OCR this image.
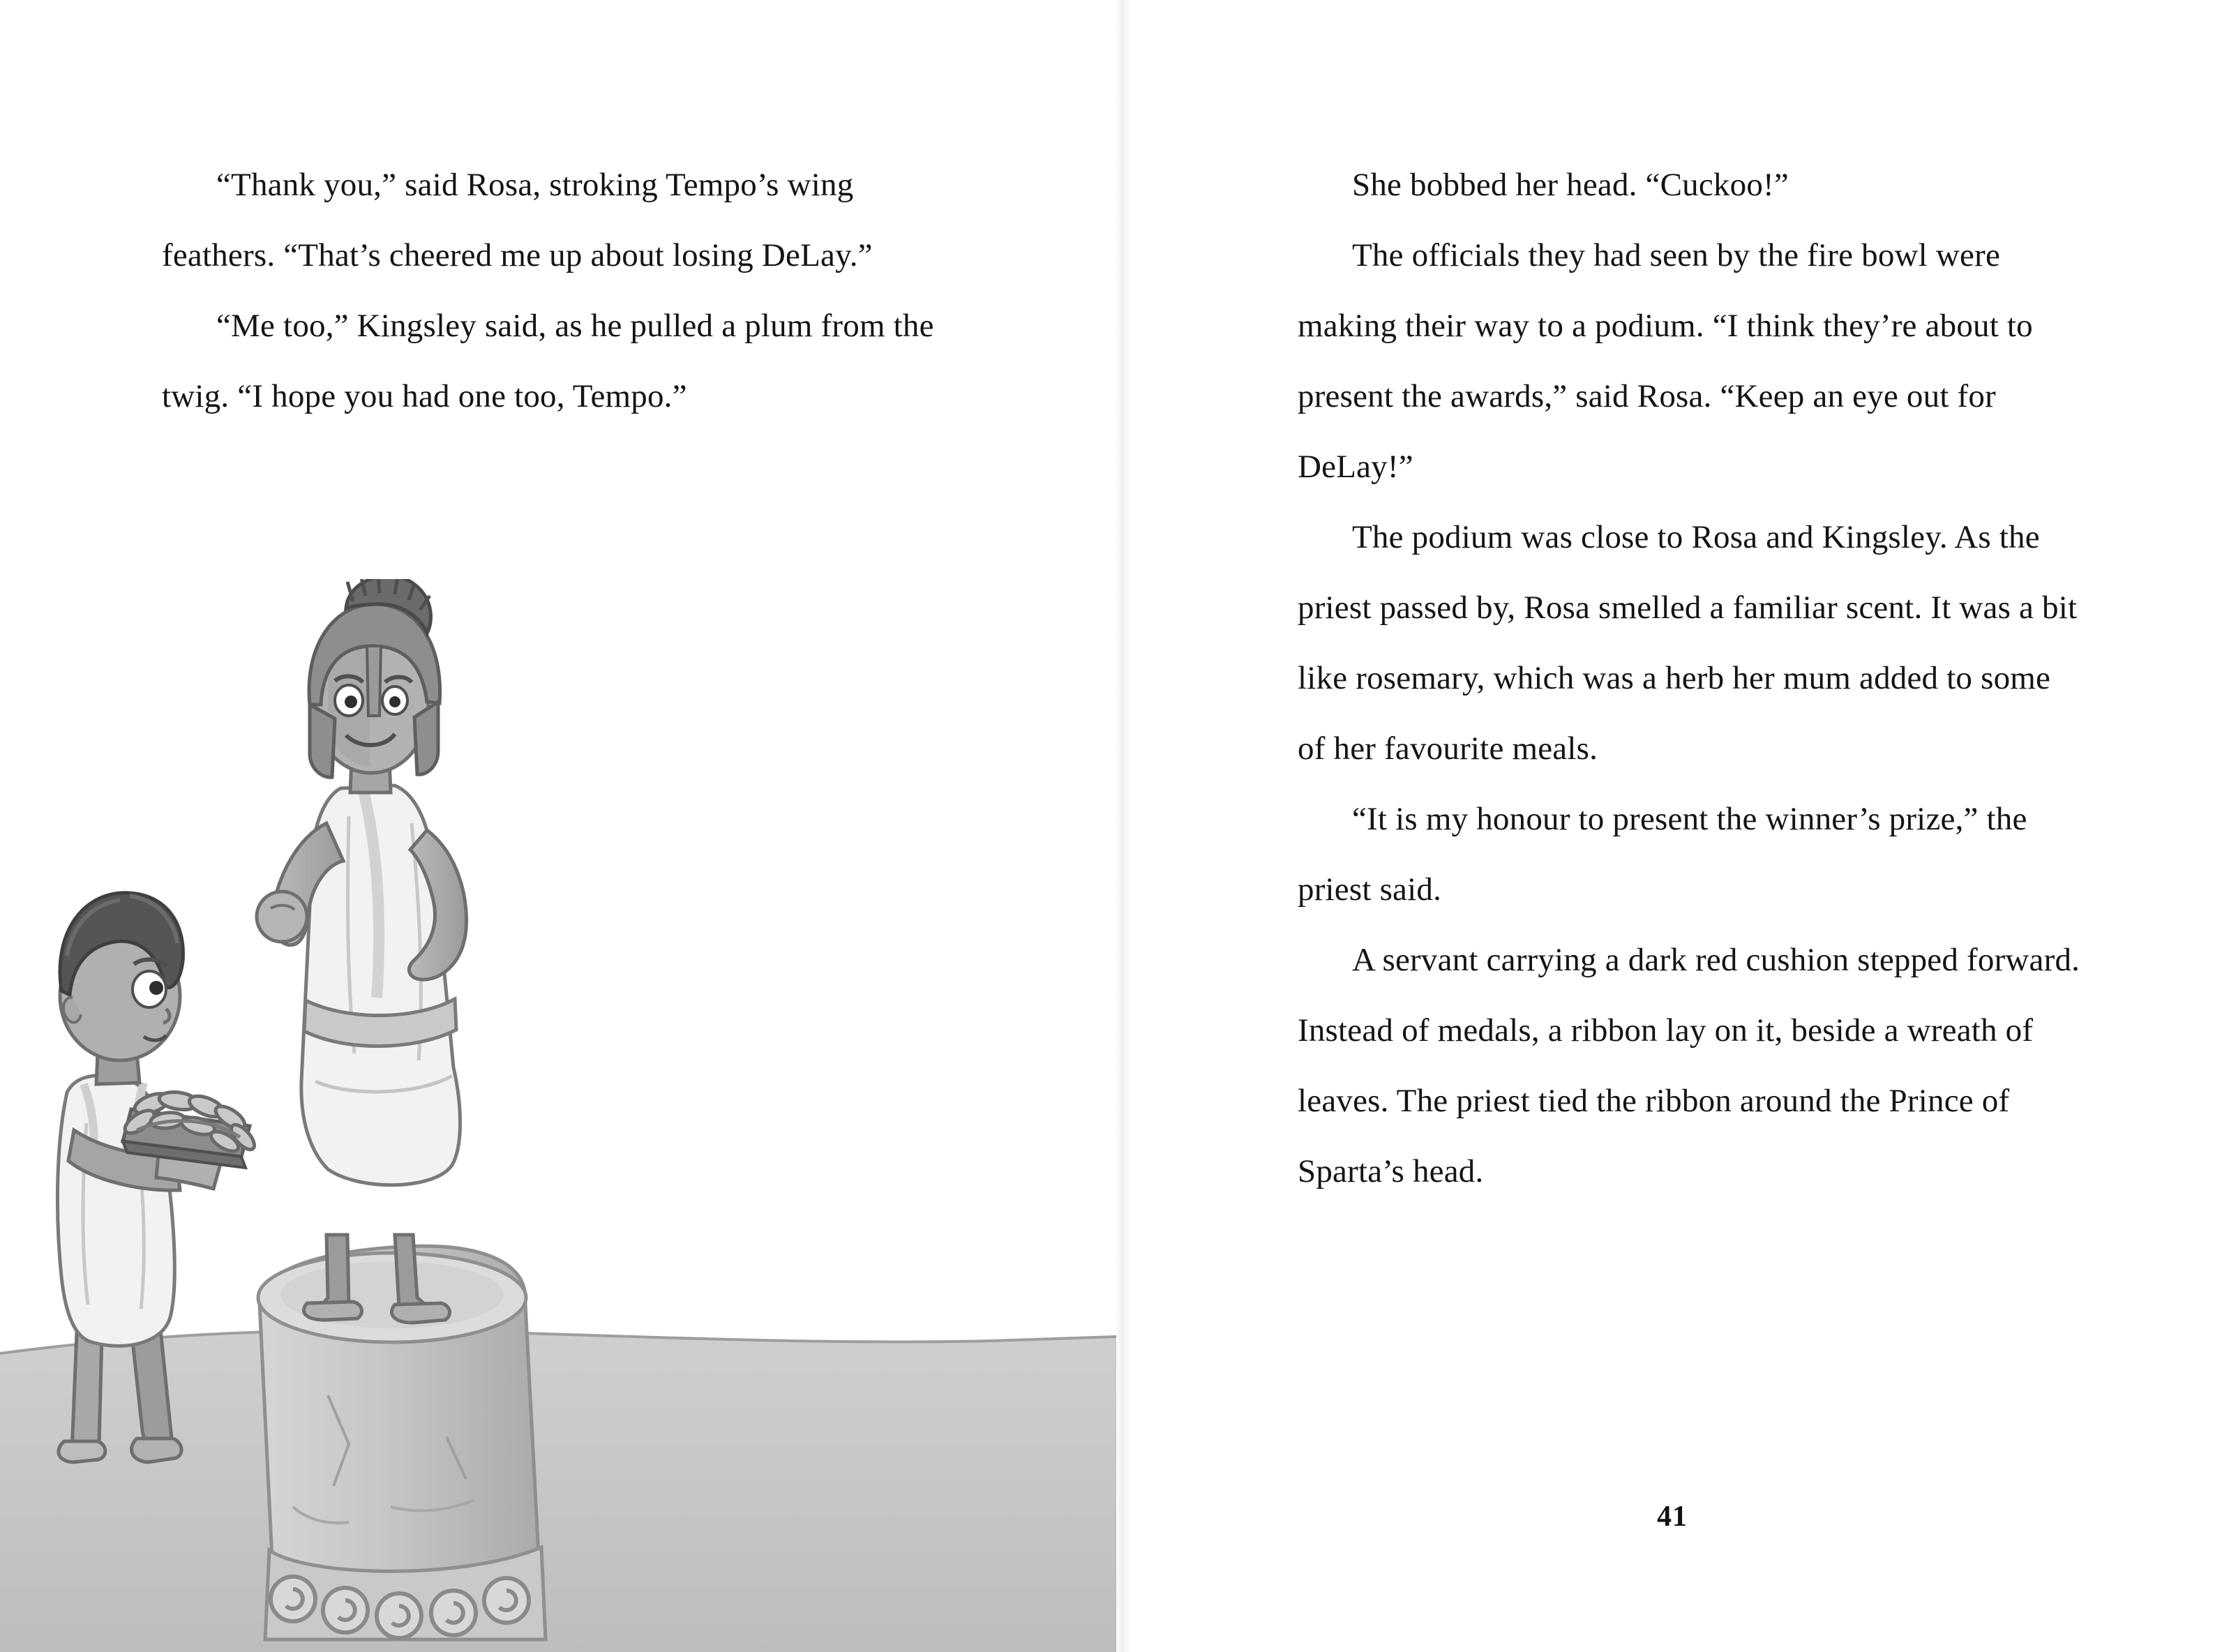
“Thank you,” said Rosa, stroking Tempo’s wing feathers. “That’s cheered me up about losing DeLay.”

“Me too,” Kingsley said, as he pulled a plum from the twig. “I hope you had one too, Tempo.”

She bobbed her head. “Cuckoo!”

The officials they had seen by the fire bowl were making their way to a podium. “I think they’re about to present the awards,” said Rosa. “Keep an eye out for DeLay!”

The podium was close to Rosa and Kingsley. As the priest passed by, Rosa smelled a familiar scent. It was a bit like rosemary, which was a herb her mum added to some of her favourite meals.

“It is my honour to present the winner’s prize,” the priest said.

A servant carrying a dark red cushion stepped forward. Instead of medals, a ribbon lay on it, beside a wreath of leaves. The priest tied the ribbon around the Prince of Sparta’s head.

41
